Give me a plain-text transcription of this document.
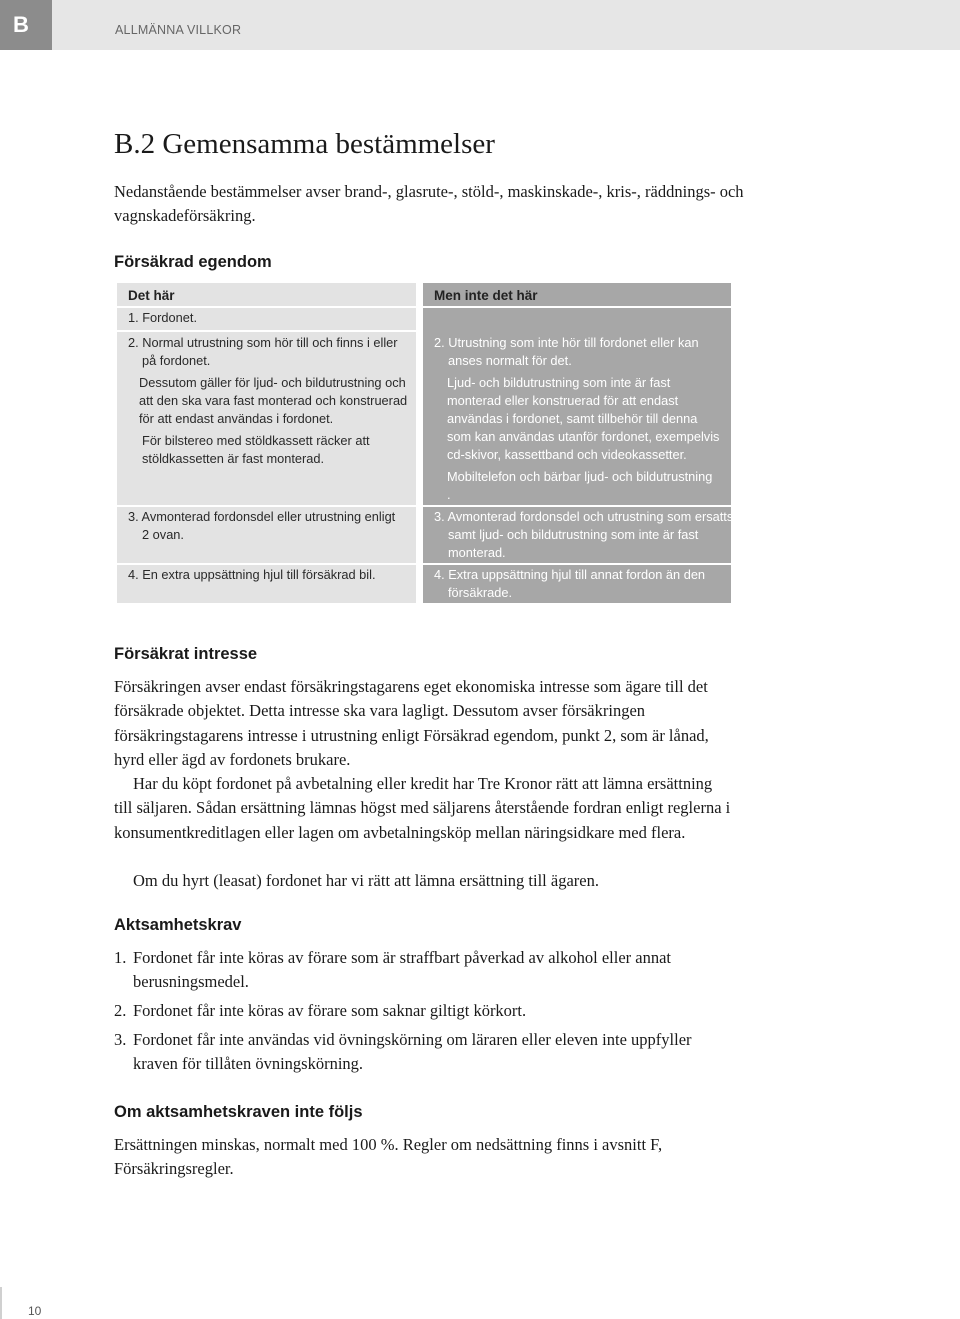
B	ALLMÄNNA VILLKOR
B.2 Gemensamma bestämmelser

Nedanstående bestämmelser avser brand-, glasrute-, stöld-, maskinskade-, kris-, räddnings- och vagnskadeförsäkring.

Försäkrad egendom
Det här	Men inte det här
1. Fordonet.
2. Normal utrustning som hör till och finns i eller på fordonet.
Dessutom gäller för ljud- och bildutrustning och att den ska vara fast monterad och konstruerad för att endast användas i fordonet.
För bilstereo med stöldkassett räcker att stöldkassetten är fast monterad.
3. Avmonterad fordonsdel eller utrustning enligt 2 ovan.
4. En extra uppsättning hjul till försäkrad bil.
2. Utrustning som inte hör till fordonet eller kan anses normalt för det.
Ljud- och bildutrustning som inte är fast monterad eller konstruerad för att endast användas i fordonet, samt tillbehör till denna som kan användas utanför fordonet, exempelvis cd-skivor, kassettband och videokassetter.
Mobiltelefon och bärbar ljud- och bildutrustning .
3. Avmonterad fordonsdel och utrustning som ersatts samt ljud- och bildutrustning som inte är fast monterad.
4. Extra uppsättning hjul till annat fordon än den försäkrade.
Försäkrat intresse

Försäkringen avser endast försäkringstagarens eget ekonomiska intresse som ägare till det försäkrade objektet. Detta intresse ska vara lagligt. Dessutom avser försäkringen försäkringstagarens intresse i utrustning enligt Försäkrad egendom, punkt 2, som är lånad, hyrd eller ägd av fordonets brukare.

Har du köpt fordonet på avbetalning eller kredit har Tre Kronor rätt att lämna ersättning till säljaren. Sådan ersättning lämnas högst med säljarens återstående fordran enligt reglerna i konsumentkreditlagen eller lagen om avbetalningsköp mellan näringsidkare med flera.

Om du hyrt (leasat) fordonet har vi rätt att lämna ersättning till ägaren.

Aktsamhetskrav
1. Fordonet får inte köras av förare som är straffbart påverkad av alkohol eller annat berusningsmedel.
2. Fordonet får inte köras av förare som saknar giltigt körkort.
3. Fordonet får inte användas vid övningskörning om läraren eller eleven inte uppfyller kraven för tillåten övningskörning.
Om aktsamhetskraven inte följs

Ersättningen minskas, normalt med 100 %. Regler om nedsättning finns i avsnitt F, Försäkringsregler.

10
